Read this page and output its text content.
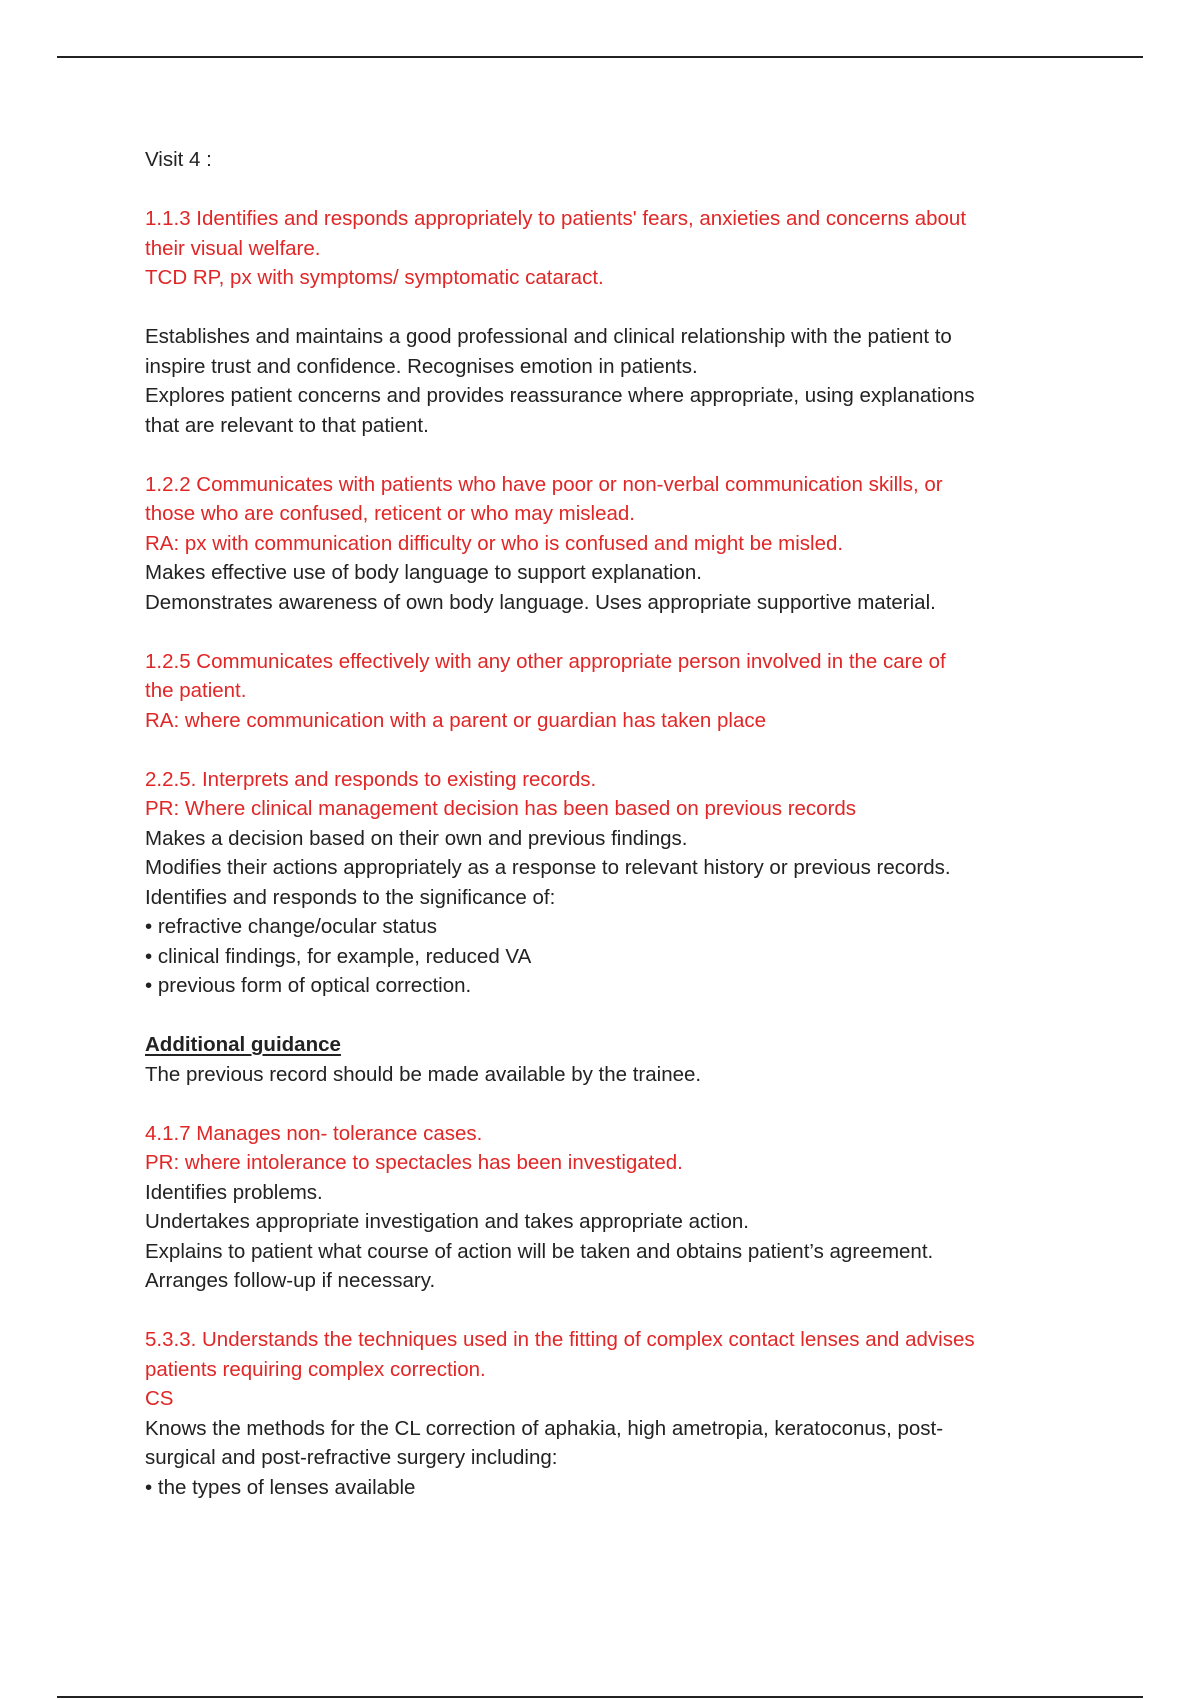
Visit 4 :
1.1.3 Identifies and responds appropriately to patients' fears, anxieties and concerns about
their visual welfare.
TCD RP, px with symptoms/ symptomatic cataract.
Establishes and maintains a good professional and clinical relationship with the patient to
inspire trust and confidence. Recognises emotion in patients.
Explores patient concerns and provides reassurance where appropriate, using explanations
that are relevant to that patient.
1.2.2 Communicates with patients who have poor or non-verbal communication skills, or
those who are confused, reticent or who may mislead.
RA: px with communication difficulty or who is confused and might be misled.
Makes effective use of body language to support explanation.
Demonstrates awareness of own body language. Uses appropriate supportive material.
1.2.5 Communicates effectively with any other appropriate person involved in the care of
the patient.
RA: where communication with a parent or guardian has taken place
2.2.5. Interprets and responds to existing records.
PR: Where clinical management decision has been based on previous records
Makes a decision based on their own and previous findings.
Modifies their actions appropriately as a response to relevant history or previous records.
Identifies and responds to the significance of:
• refractive change/ocular status
• clinical findings, for example, reduced VA
• previous form of optical correction.
Additional guidance
The previous record should be made available by the trainee.
4.1.7 Manages non- tolerance cases.
PR: where intolerance to spectacles has been investigated.
Identifies problems.
Undertakes appropriate investigation and takes appropriate action.
Explains to patient what course of action will be taken and obtains patient’s agreement.
Arranges follow-up if necessary.
5.3.3. Understands the techniques used in the fitting of complex contact lenses and advises
patients requiring complex correction.
CS
Knows the methods for the CL correction of aphakia, high ametropia, keratoconus, post-
surgical and post-refractive surgery including:
• the types of lenses available
